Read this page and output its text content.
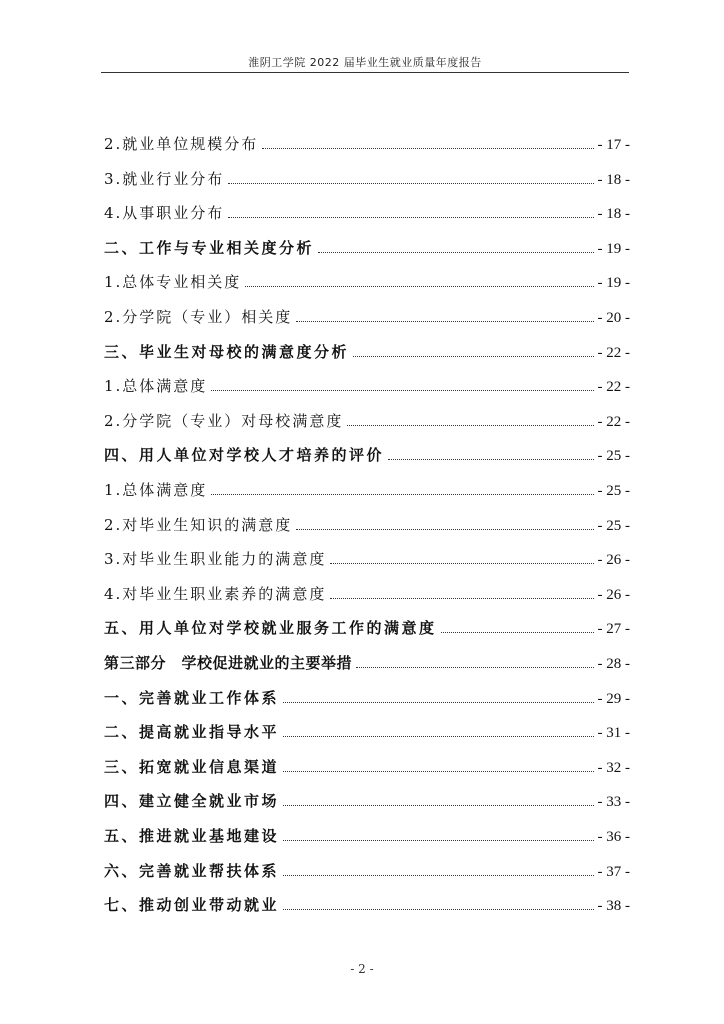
淮阴工学院 2022 届毕业生就业质量年度报告
2.就业单位规模分布	- 17 -
3.就业行业分布	- 18 -
4.从事职业分布	- 18 -
二、工作与专业相关度分析	- 19 -
1.总体专业相关度	- 19 -
2.分学院（专业）相关度	- 20 -
三、毕业生对母校的满意度分析	- 22 -
1.总体满意度	- 22 -
2.分学院（专业）对母校满意度	- 22 -
四、用人单位对学校人才培养的评价	- 25 -
1.总体满意度	- 25 -
2.对毕业生知识的满意度	- 25 -
3.对毕业生职业能力的满意度	- 26 -
4.对毕业生职业素养的满意度	- 26 -
五、用人单位对学校就业服务工作的满意度	- 27 -
第三部分　学校促进就业的主要举措	- 28 -
一、完善就业工作体系	- 29 -
二、提高就业指导水平	- 31 -
三、拓宽就业信息渠道	- 32 -
四、建立健全就业市场	- 33 -
五、推进就业基地建设	- 36 -
六、完善就业帮扶体系	- 37 -
七、推动创业带动就业	- 38 -
- 2 -
